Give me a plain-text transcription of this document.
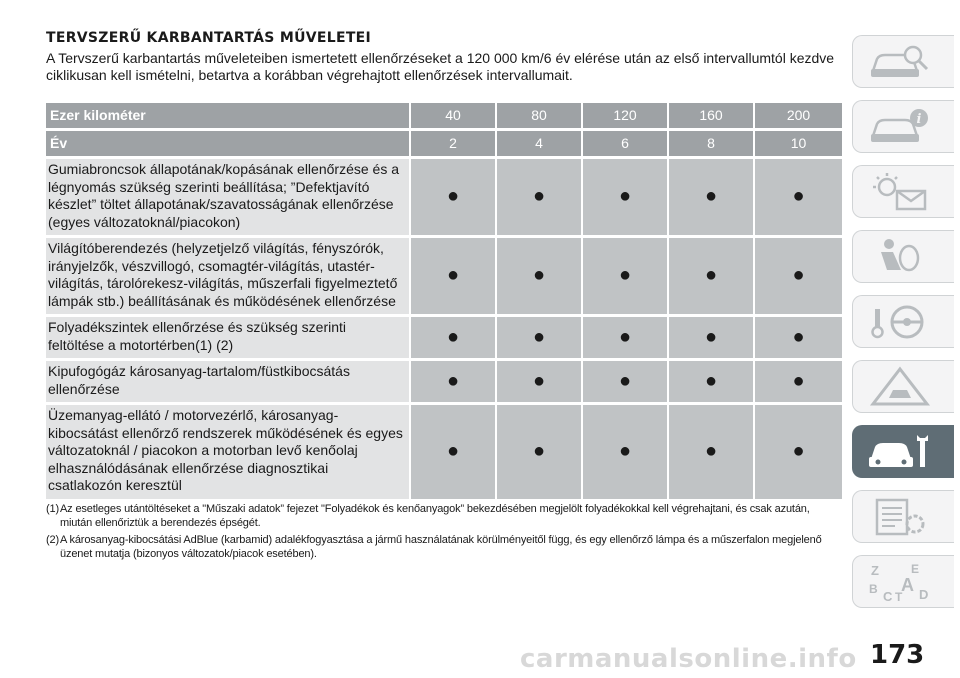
TERVSZERŰ KARBANTARTÁS MŰVELETEI

A Tervszerű karbantartás műveleteiben ismertetett ellenőrzéseket a 120 000 km/6 év elérése után az első intervallumtól kezdve ciklikusan kell ismételni, betartva a korábban végrehajtott ellenőrzések intervallumait.

Ezer kilométer	40	80	120	160	200
Év	2	4	6	8	10
Gumiabroncsok állapotának/kopásának ellenőrzése és a légnyomás szükség szerinti beállítása; ”Defektjavító készlet” töltet állapotának/szavatosságának ellenőrzése (egyes változatoknál/piacokon)	●	●	●	●	●
Világítóberendezés (helyzetjelző világítás, fényszórók, irányjelzők, vészvillogó, csomagtér-világítás, utastér-világítás, tárolórekesz-világítás, műszerfali figyelmeztető lámpák stb.) beállításának és működésének ellenőrzése	●	●	●	●	●
Folyadékszintek ellenőrzése és szükség szerinti feltöltése a motortérben(1) (2)	●	●	●	●	●
Kipufogógáz károsanyag-tartalom/füstkibocsátás ellenőrzése	●	●	●	●	●
Üzemanyag-ellátó / motorvezérlő, károsanyag-kibocsátást ellenőrző rendszerek működésének és egyes változatoknál / piacokon a motorban levő kenőolaj elhasználódásának ellenőrzése diagnosztikai csatlakozón keresztül	●	●	●	●	●
(1) Az esetleges utántöltéseket a "Műszaki adatok” fejezet "Folyadékok és kenőanyagok” bekezdésében megjelölt folyadékokkal kell végrehajtani, és csak azután, miután ellenőriztük a berendezés épségét.
(2) A károsanyag-kibocsátási AdBlue (karbamid) adalékfogyasztása a jármű használatának körülményeitől függ, és egy ellenőrző lámpa és a műszerfalon megjelenő üzenet mutatja (bizonyos változatok/piacok esetében).
i
Z	E
B A
C T D
carmanualsonline.info 173
